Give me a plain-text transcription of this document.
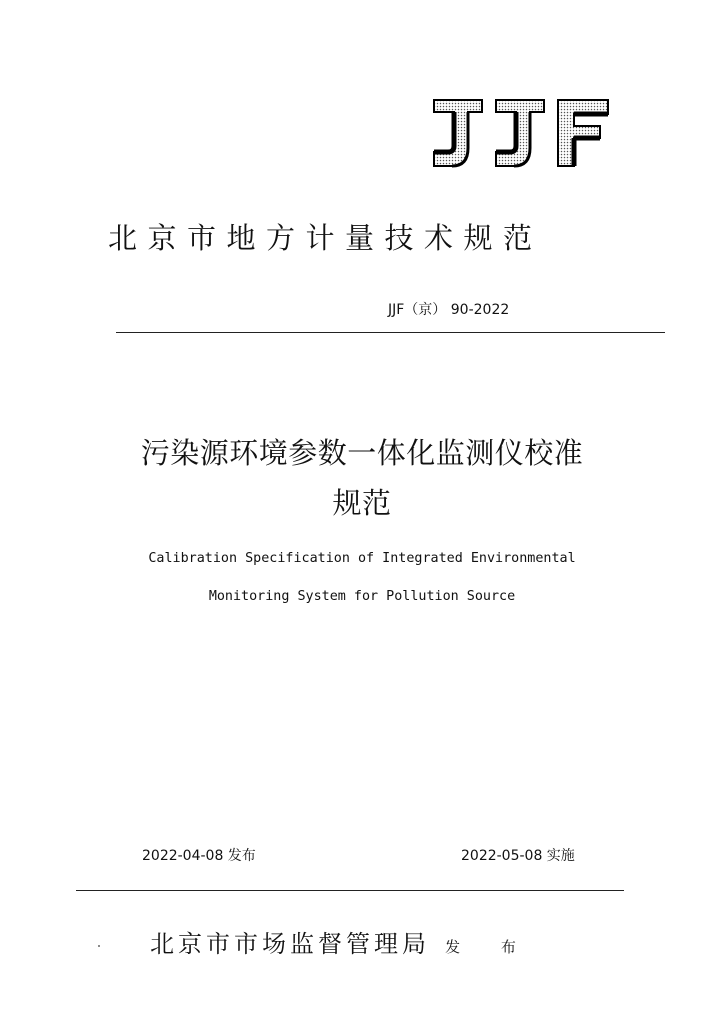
北京市地方计量技术规范
JJF（京） 90-2022
污染源环境参数一体化监测仪校准
规范
Calibration Specification of Integrated Environmental
Monitoring System for Pollution Source
2022-04-08 发布	2022-05-08 实施
北京市市场监督管理局 发 布
